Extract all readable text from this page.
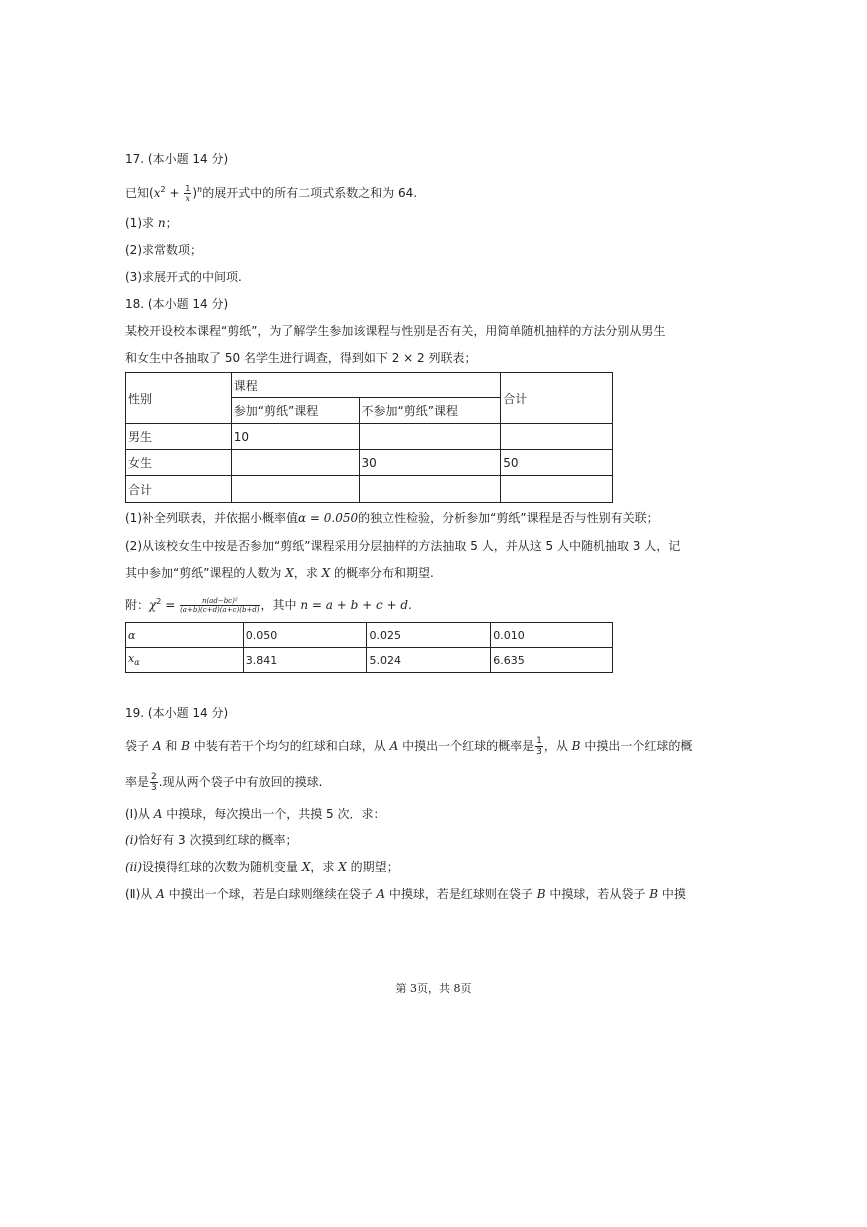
17. (本小题 14 分)
已知$(x^2 + \frac{1}{x} )^n$的展开式中的所有二项式系数之和为 64.
(1)求 n；
(2)求常数项；
(3)求展开式的中间项.
18. (本小题 14 分)
某校开设校本课程“剪纸”，为了解学生参加该课程与性别是否有关，用简单随机抽样的方法分别从男生
和女生中各抽取了 50 名学生进行调查，得到如下 2 × 2 列联表；
性别	课程		合计
	参加“剪纸”课程	不参加“剪纸”课程	
男生	10		
女生		30	50
合计			
(1)补全列联表，并依据小概率值α = 0.050的独立性检验，分析参加“剪纸”课程是否与性别有关联；
(2)从该校女生中按是否参加“剪纸”课程采用分层抽样的方法抽取 5 人，并从这 5 人中随机抽取 3 人，记
其中参加“剪纸”课程的人数为 X，求 X 的概率分布和期望.
附：$\chi^2 = \frac{\text{n(ad−bc)²}}{(a+b)(c+d)(a+c)(b+d)}$ ，其中 n = a + b + c + d.
α	0.050	0.025	0.010
$x_\alpha$	3.841	5.024	6.635
19. (本小题 14 分)
袋子 A 和 B 中装有若干个均匀的红球和白球，从 A 中摸出一个红球的概率是 $\frac{1}{3}$ ，从 B 中摸出一个红球的概
率是 $\frac{2}{3}$ .现从两个袋子中有放回的摸球.
(Ⅰ)从 A 中摸球，每次摸出一个，共摸 5 次．求：
(i)恰好有 3 次摸到红球的概率；
(ii)设摸得红球的次数为随机变量 X，求 X 的期望；
(Ⅱ)从 A 中摸出一个球，若是白球则继续在袋子 A 中摸球，若是红球则在袋子 B 中摸球，若从袋子 B 中摸
第 3页，共 8页
